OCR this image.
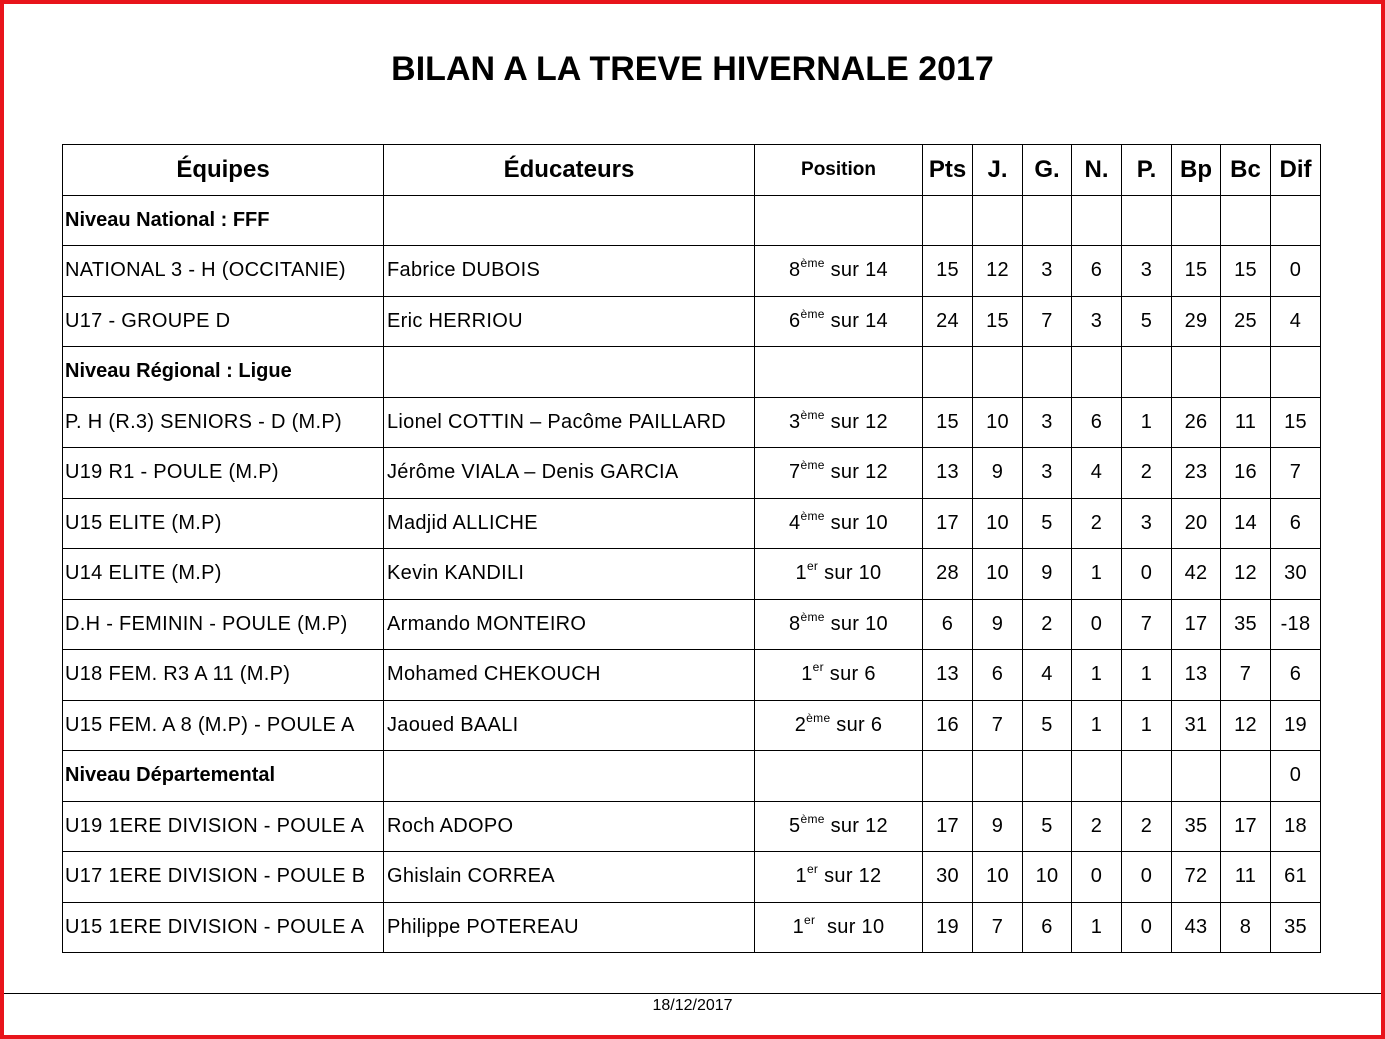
BILAN A LA TREVE HIVERNALE 2017
Équipes	Éducateurs	Position	Pts	J.	G.	N.	P.	Bp	Bc	Dif
Niveau National : FFF										
NATIONAL 3 - H (OCCITANIE)	Fabrice DUBOIS	8ème sur 14	15	12	3	6	3	15	15	0
U17 - GROUPE D	Eric HERRIOU	6ème sur 14	24	15	7	3	5	29	25	4
Niveau Régional : Ligue										
P. H (R.3) SENIORS - D (M.P)	Lionel COTTIN – Pacôme PAILLARD	3ème sur 12	15	10	3	6	1	26	11	15
U19 R1 - POULE (M.P)	Jérôme VIALA – Denis GARCIA	7ème sur 12	13	9	3	4	2	23	16	7
U15 ELITE (M.P)	Madjid ALLICHE	4ème sur 10	17	10	5	2	3	20	14	6
U14 ELITE (M.P)	Kevin KANDILI	1er sur 10	28	10	9	1	0	42	12	30
D.H - FEMININ - POULE (M.P)	Armando MONTEIRO	8ème sur 10	6	9	2	0	7	17	35	-18
U18 FEM. R3 A 11 (M.P)	Mohamed CHEKOUCH	1er sur 6	13	6	4	1	1	13	7	6
U15 FEM. A 8 (M.P) - POULE A	Jaoued BAALI	2ème sur 6	16	7	5	1	1	31	12	19
Niveau Départemental										0
U19 1ERE DIVISION - POULE A	Roch ADOPO	5ème sur 12	17	9	5	2	2	35	17	18
U17 1ERE DIVISION - POULE B	Ghislain CORREA	1er sur 12	30	10	10	0	0	72	11	61
U15 1ERE DIVISION - POULE A	Philippe POTEREAU	1er  sur 10	19	7	6	1	0	43	8	35
18/12/2017
